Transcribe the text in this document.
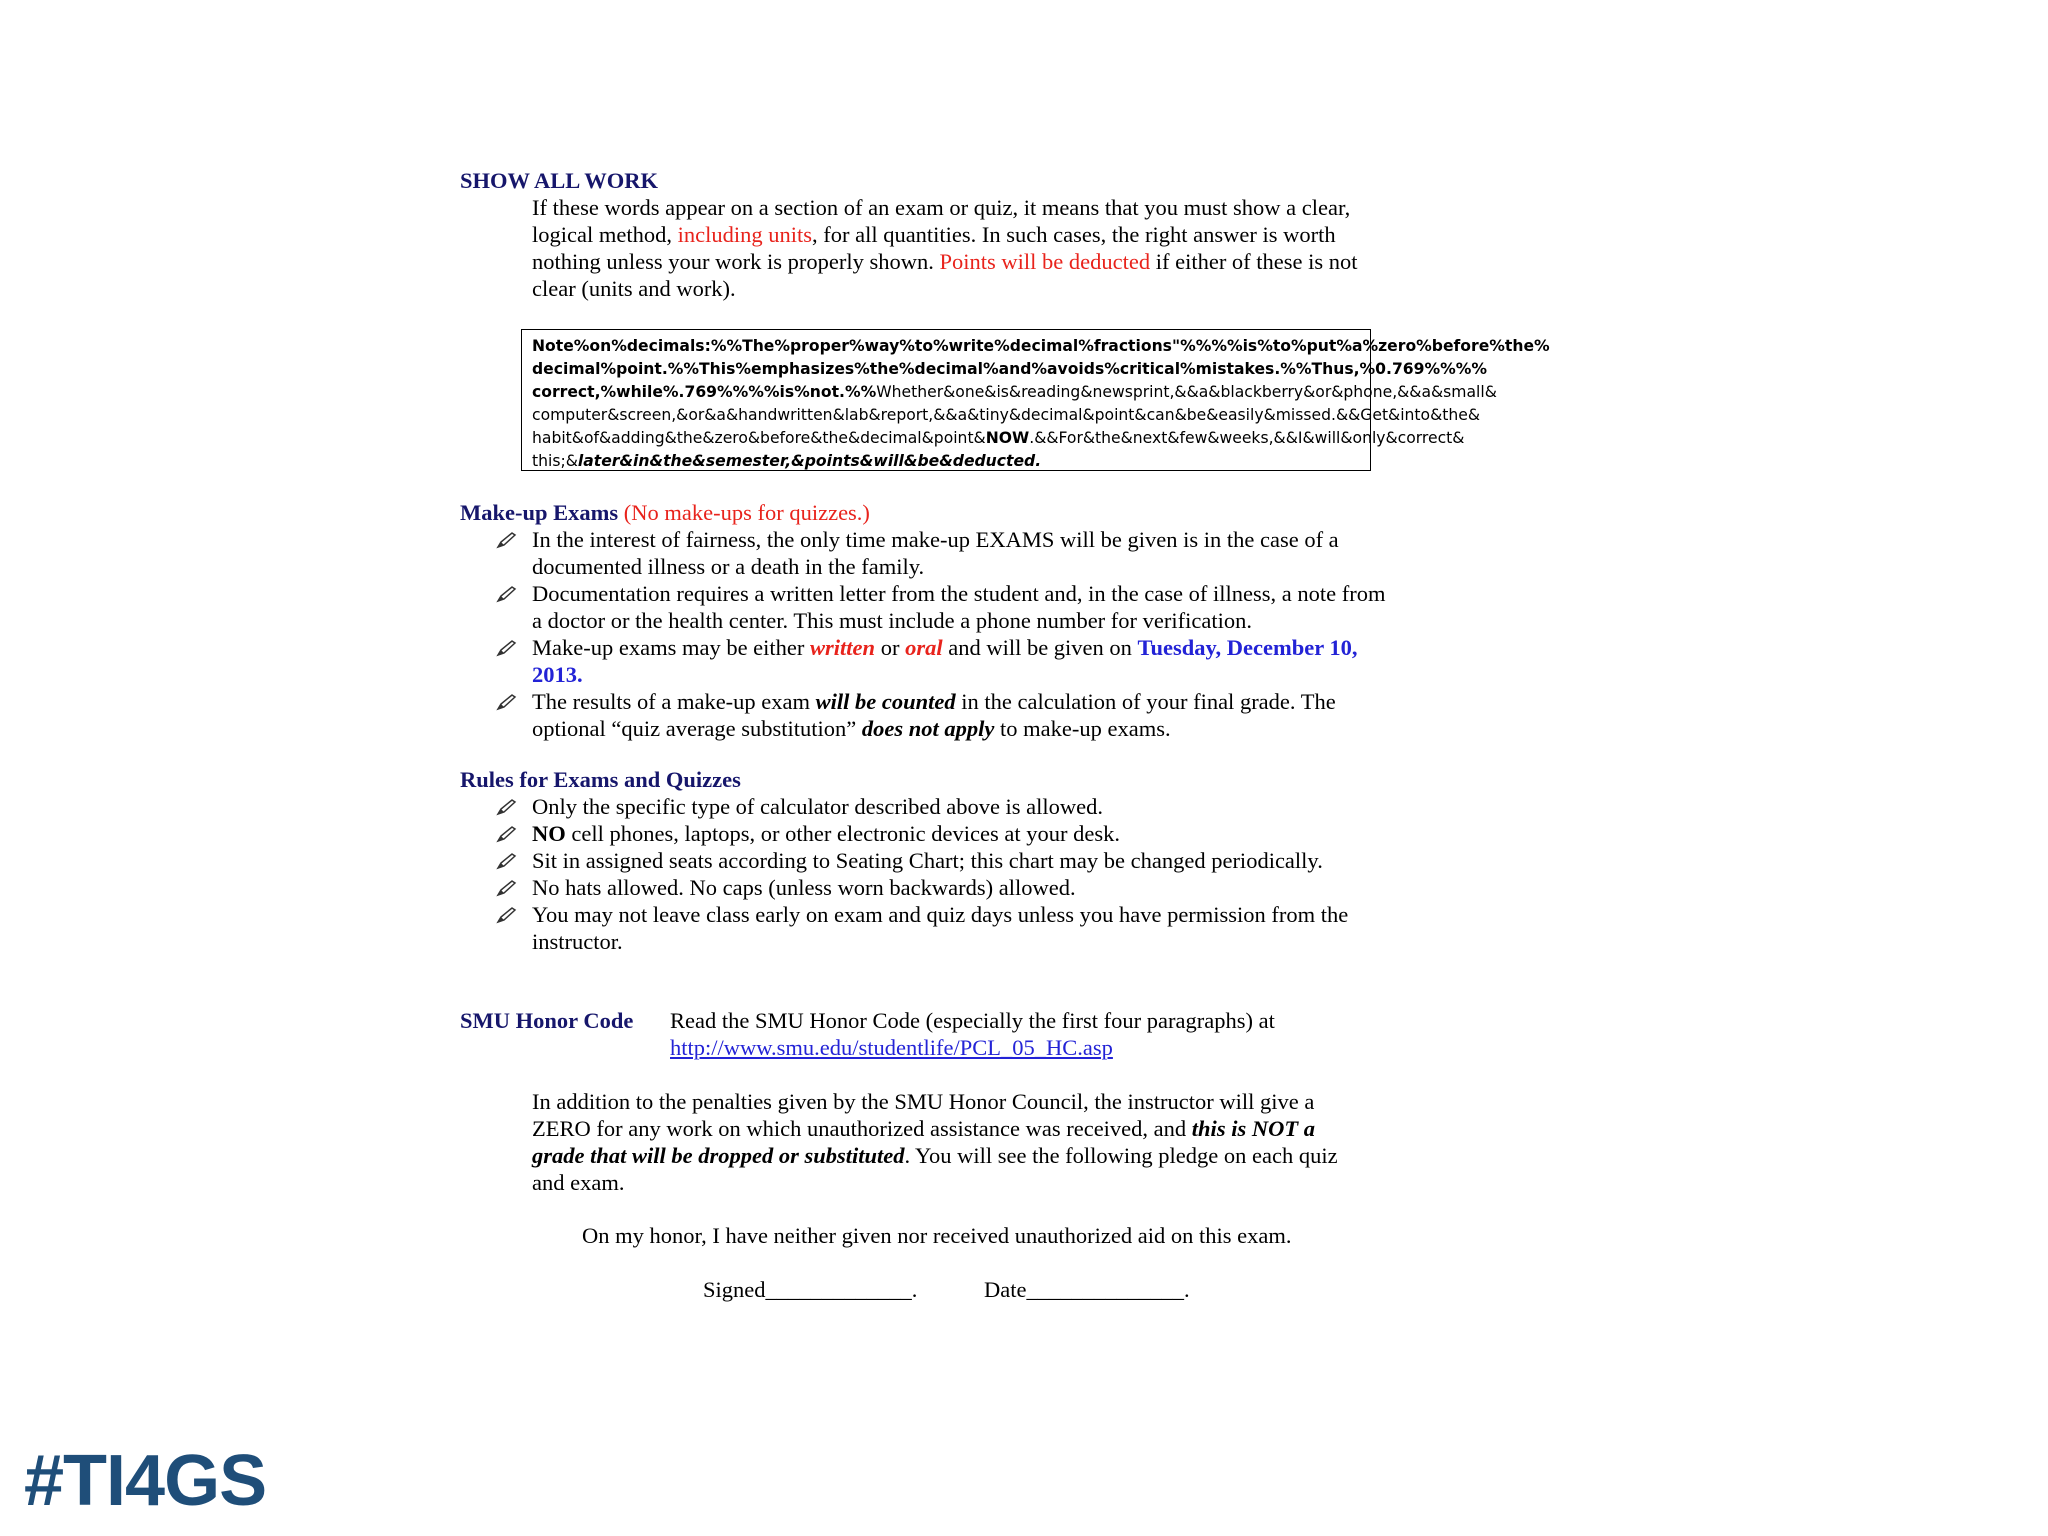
SHOW ALL WORK
If these words appear on a section of an exam or quiz, it means that you must show a clear, logical method, including units, for all quantities. In such cases, the right answer is worth nothing unless your work is properly shown. Points will be deducted if either of these is not clear (units and work).
Note%on%decimals:%%The%proper%way%to%write%decimal%fractions"%%%%is%to%put%a%zero%before%the% decimal%point.%%This%emphasizes%the%decimal%and%avoids%critical%mistakes.%%Thus,%0.769%%%% correct,%while%.769%%%%is%not.%%Whether&one&is&reading&newsprint,&&a&blackberry&or&phone,&&a&small& computer&screen,&or&a&handwritten&lab&report,&&a&tiny&decimal&point&can&be&easily&missed.&&Get&into&the& habit&of&adding&the&zero&before&the&decimal&point&NOW.&&For&the&next&few&weeks,&&I&will&only&correct& this;&later&in&the&semester,&points&will&be&deducted.
Make-up Exams (No make-ups for quizzes.)
In the interest of fairness, the only time make-up EXAMS will be given is in the case of a documented illness or a death in the family.
Documentation requires a written letter from the student and, in the case of illness, a note from a doctor or the health center. This must include a phone number for verification.
Make-up exams may be either written or oral and will be given on Tuesday, December 10, 2013.
The results of a make-up exam will be counted in the calculation of your final grade. The optional “quiz average substitution” does not apply to make-up exams.
Rules for Exams and Quizzes
Only the specific type of calculator described above is allowed.
NO cell phones, laptops, or other electronic devices at your desk.
Sit in assigned seats according to Seating Chart; this chart may be changed periodically.
No hats allowed. No caps (unless worn backwards) allowed.
You may not leave class early on exam and quiz days unless you have permission from the instructor.
SMU Honor Code Read the SMU Honor Code (especially the first four paragraphs) at
http://www.smu.edu/studentlife/PCL_05_HC.asp
In addition to the penalties given by the SMU Honor Council, the instructor will give a ZERO for any work on which unauthorized assistance was received, and this is NOT a grade that will be dropped or substituted. You will see the following pledge on each quiz and exam.
On my honor, I have neither given nor received unauthorized aid on this exam.
Signed_____________.	Date______________.
#TI4GS
